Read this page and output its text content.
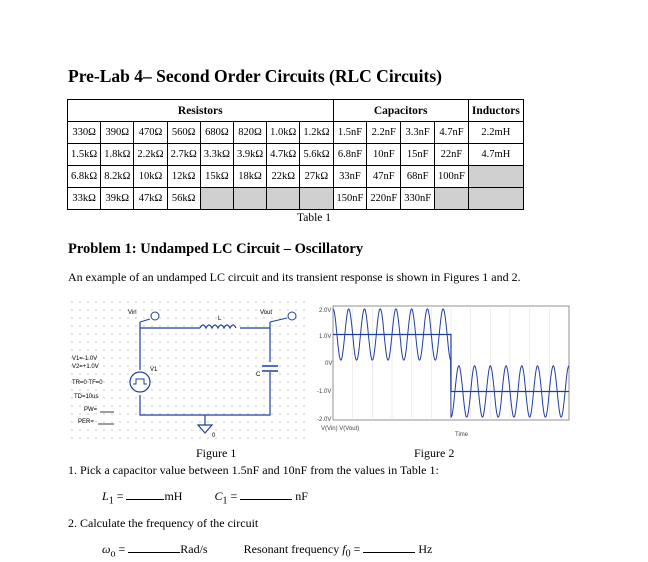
Pre-Lab 4– Second Order Circuits (RLC Circuits)
Resistors								Capacitors				Inductors
330Ω	390Ω	470Ω	560Ω	680Ω	820Ω	1.0kΩ	1.2kΩ	1.5nF	2.2nF	3.3nF	4.7nF	2.2mH
1.5kΩ	1.8kΩ	2.2kΩ	2.7kΩ	3.3kΩ	3.9kΩ	4.7kΩ	5.6kΩ	6.8nF	10nF	15nF	22nF	4.7mH
6.8kΩ	8.2kΩ	10kΩ	12kΩ	15kΩ	18kΩ	22kΩ	27kΩ	33nF	47nF	68nF	100nF	
33kΩ	39kΩ	47kΩ	56kΩ					150nF	220nF	330nF		
Table 1
Problem 1: Undamped LC Circuit – Oscillatory
An example of an undamped LC circuit and its transient response is shown in Figures 1 and 2.
Vin	Vout
L
C
V1
0
V1=-1.0V
V2=+1.0V
TR=0 TF=0
TD=10us
PW=
PER=
2.0V
1.0V
0V
-1.0V
-2.0V
V(Vin) V(Vout)
Time
Figure 1	Figure 2
1. Pick a capacitor value between 1.5nF and 10nF from the values in Table 1:
$L_1$ =	mH	$C_1$ =	nF
2. Calculate the frequency of the circuit
$\omega_o$ =	Rad/s	Resonant frequency $f_0$ =	Hz
